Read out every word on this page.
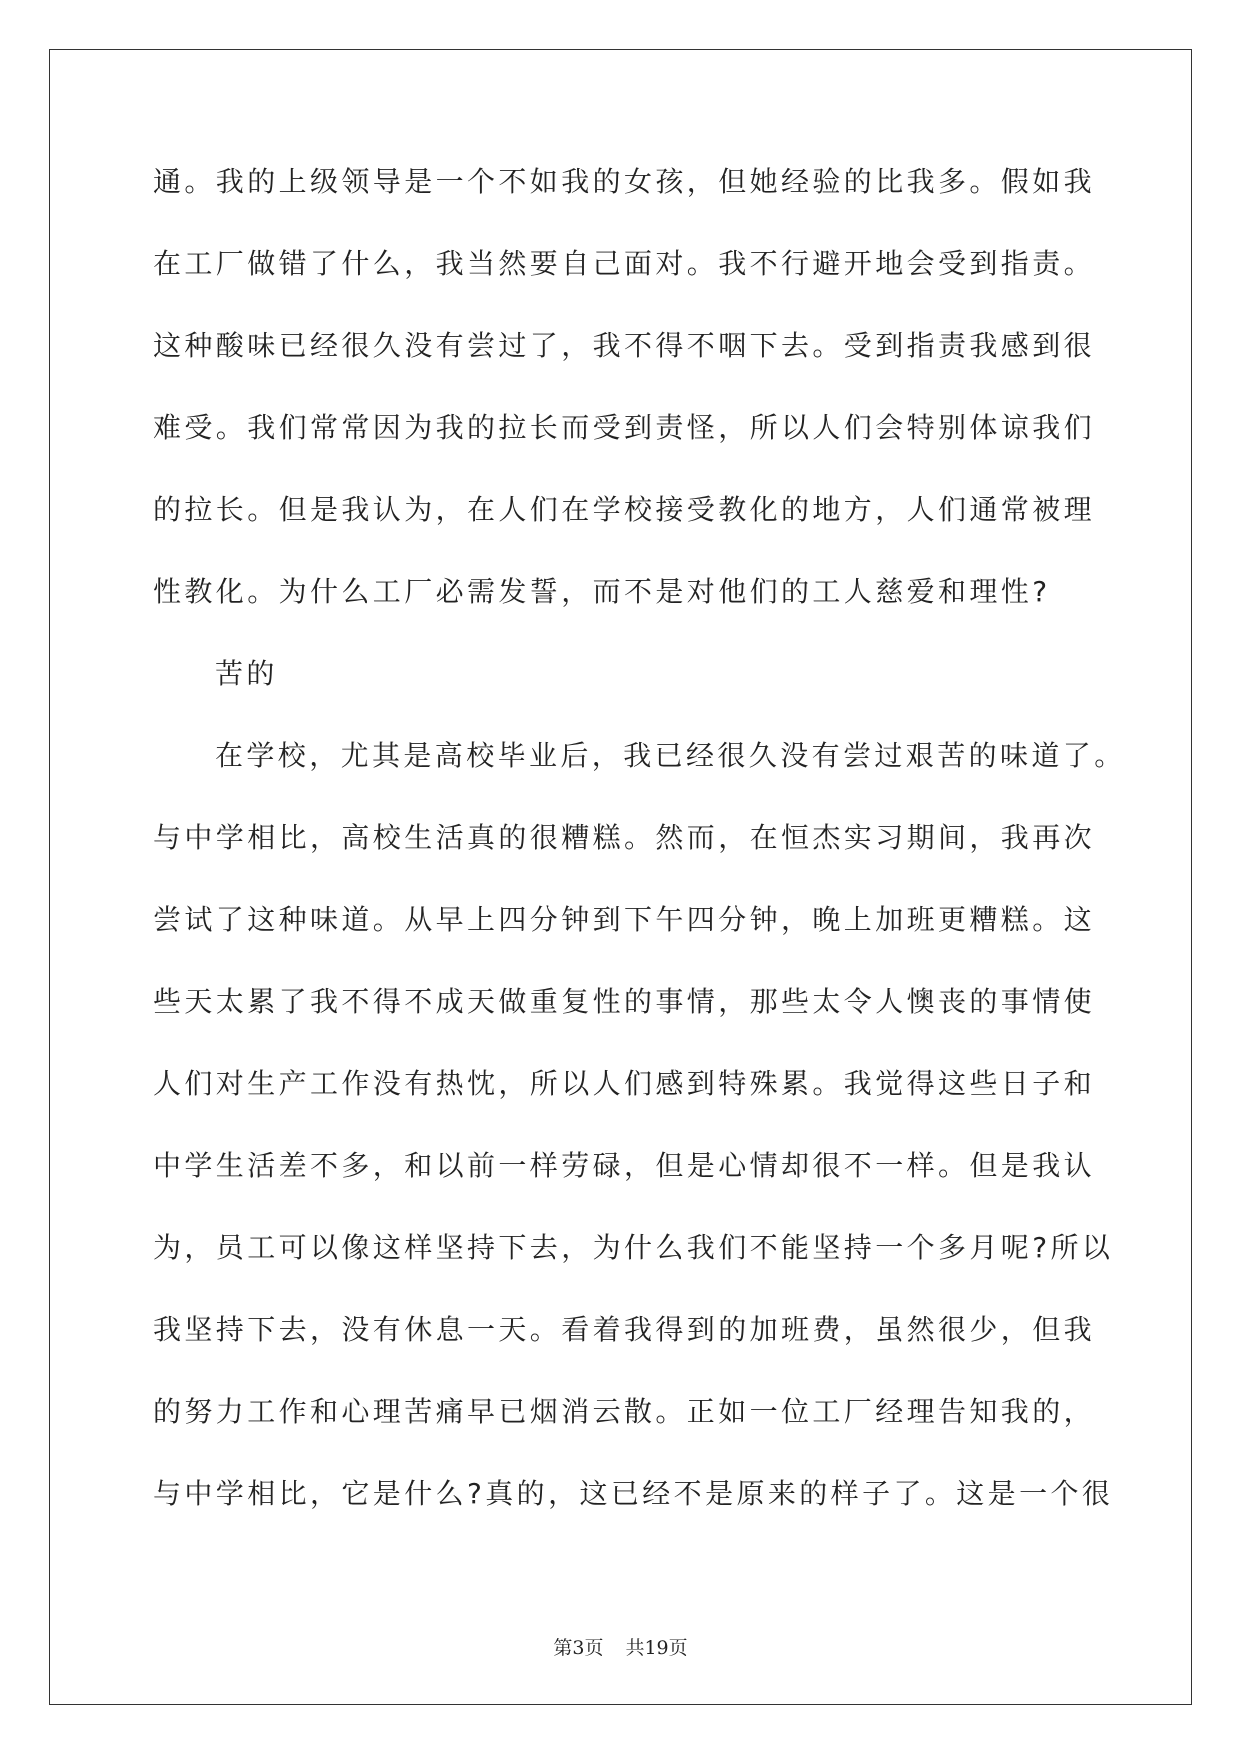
通。我的上级领导是一个不如我的女孩，但她经验的比我多。假如我
在工厂做错了什么，我当然要自己面对。我不行避开地会受到指责。
这种酸味已经很久没有尝过了，我不得不咽下去。受到指责我感到很
难受。我们常常因为我的拉长而受到责怪，所以人们会特别体谅我们
的拉长。但是我认为，在人们在学校接受教化的地方，人们通常被理
性教化。为什么工厂必需发誓，而不是对他们的工人慈爱和理性?
苦的
在学校，尤其是高校毕业后，我已经很久没有尝过艰苦的味道了。
与中学相比，高校生活真的很糟糕。然而，在恒杰实习期间，我再次
尝试了这种味道。从早上四分钟到下午四分钟，晚上加班更糟糕。这
些天太累了我不得不成天做重复性的事情，那些太令人懊丧的事情使
人们对生产工作没有热忱，所以人们感到特殊累。我觉得这些日子和
中学生活差不多，和以前一样劳碌，但是心情却很不一样。但是我认
为，员工可以像这样坚持下去，为什么我们不能坚持一个多月呢?所以
我坚持下去，没有休息一天。看着我得到的加班费，虽然很少，但我
的努力工作和心理苦痛早已烟消云散。正如一位工厂经理告知我的，
与中学相比，它是什么?真的，这已经不是原来的样子了。这是一个很
第3页 共19页
